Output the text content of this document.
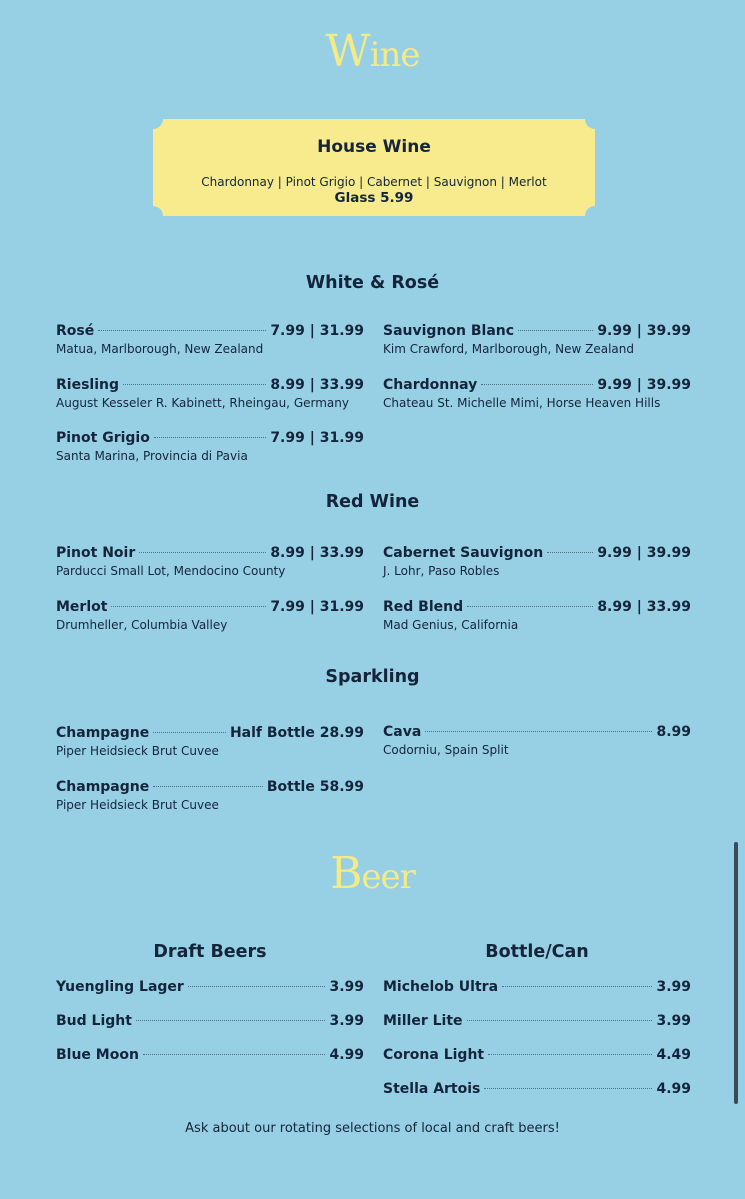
Wine
House Wine
Chardonnay | Pinot Grigio | Cabernet | Sauvignon | Merlot
Glass 5.99
White & Rosé
Rosé	7.99 | 31.99
Matua, Marlborough, New Zealand
Riesling	8.99 | 33.99
August Kesseler R. Kabinett, Rheingau, Germany
Pinot Grigio	7.99 | 31.99
Santa Marina, Provincia di Pavia
Sauvignon Blanc	9.99 | 39.99
Kim Crawford, Marlborough, New Zealand
Chardonnay	9.99 | 39.99
Chateau St. Michelle Mimi, Horse Heaven Hills
Red Wine
Pinot Noir	8.99 | 33.99
Parducci Small Lot, Mendocino County
Merlot	7.99 | 31.99
Drumheller, Columbia Valley
Cabernet Sauvignon	9.99 | 39.99
J. Lohr, Paso Robles
Red Blend	8.99 | 33.99
Mad Genius, California
Sparkling
Champagne	Half Bottle 28.99
Piper Heidsieck Brut Cuvee
Champagne	Bottle 58.99
Piper Heidsieck Brut Cuvee
Cava	8.99
Codorniu, Spain Split
Beer
Draft Beers
Yuengling Lager	3.99
Bud Light	3.99
Blue Moon	4.99
Bottle/Can
Michelob Ultra	3.99
Miller Lite	3.99
Corona Light	4.49
Stella Artois	4.99
Ask about our rotating selections of local and craft beers!
